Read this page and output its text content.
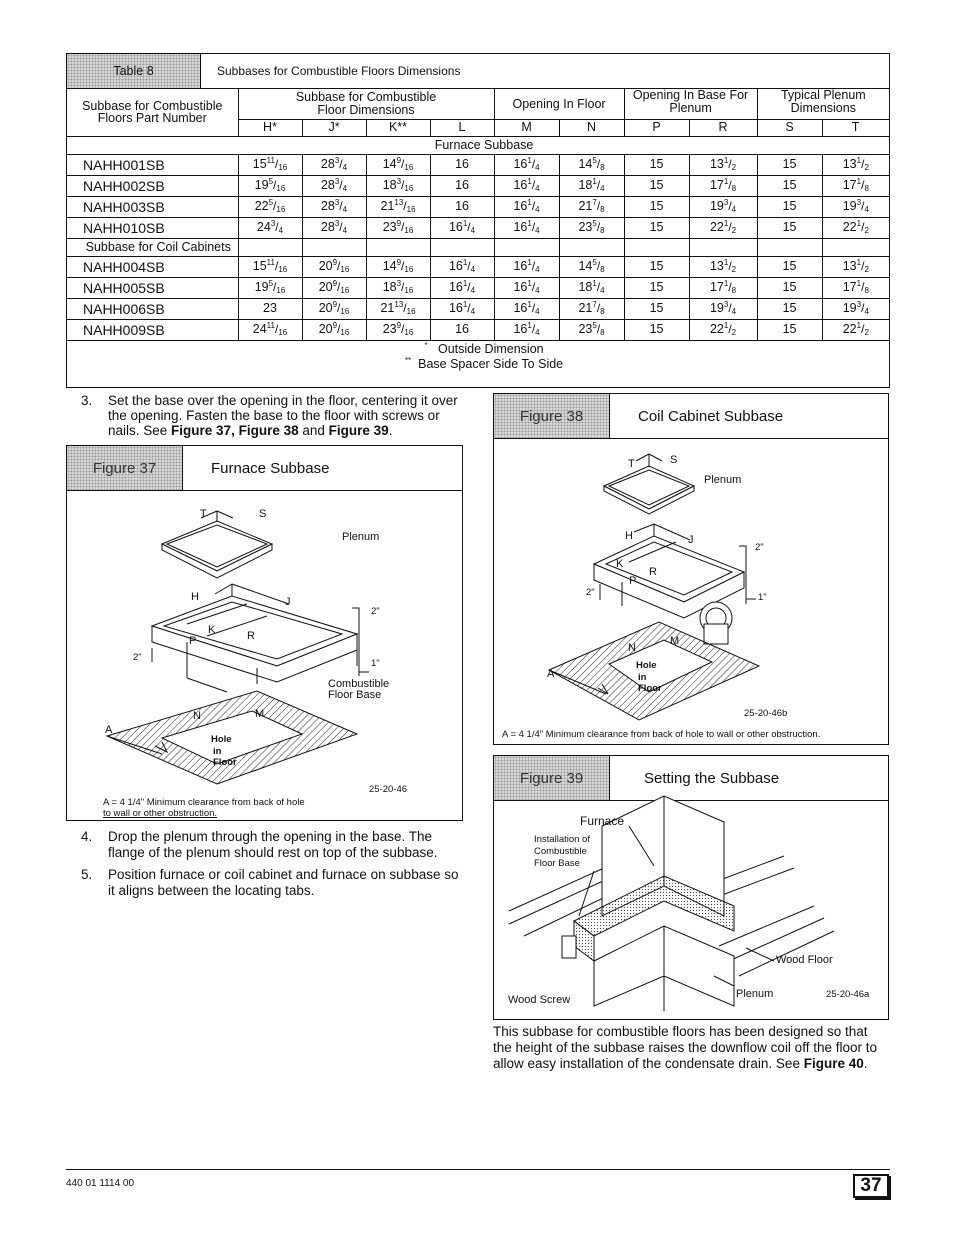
Table 8	Subbases for Combustible Floors Dimensions
Subbase for Combustible Floors Part Number	Subbase for Combustible Floor Dimensions				Opening In Floor		Opening In Base For Plenum		Typical Plenum Dimensions	
	H*	J*	K**	L	M	N	P	R	S	T
Furnace Subbase										
NAHH001SB	$15^{11}/_{16}$	$28^3/_4$	$14^9/_{16}$	16	$16^1/_4$	$14^5/_8$	15	$13^1/_2$	15	$13^1/_2$
NAHH002SB	$19^5/_{16}$	$28^3/_4$	$18^3/_{16}$	16	$16^1/_4$	$18^1/_4$	15	$17^1/_8$	15	$17^1/_8$
NAHH003SB	$22^5/_{16}$	$28^3/_4$	$21^{13}/_{16}$	16	$16^1/_4$	$21^7/_8$	15	$19^3/_4$	15	$19^3/_4$
NAHH010SB	$24^3/_4$	$28^3/_4$	$23^9/_{16}$	$16^1/_4$	$16^1/_4$	$23^5/_8$	15	$22^1/_2$	15	$22^1/_2$
Subbase for Coil Cabinets										
NAHH004SB	$15^{11}/_{16}$	$20^9/_{16}$	$14^9/_{16}$	$16^1/_4$	$16^1/_4$	$14^5/_8$	15	$13^1/_2$	15	$13^1/_2$
NAHH005SB	$19^5/_{16}$	$20^9/_{16}$	$18^3/_{16}$	$16^1/_4$	$16^1/_4$	$18^1/_4$	15	$17^1/_8$	15	$17^1/_8$
NAHH006SB	23	$20^9/_{16}$	$21^{13}/_{16}$	$16^1/_4$	$16^1/_4$	$21^7/_8$	15	$19^3/_4$	15	$19^3/_4$
NAHH009SB	$24^{11}/_{16}$	$20^9/_{16}$	$23^9/_{16}$	16	$16^1/_4$	$23^5/_8$	15	$22^1/_2$	15	$22^1/_2$
* Outside Dimension										
** Base Spacer Side To Side										
3. Set the base over the opening in the floor, centering it over
the opening. Fasten the base to the floor with screws or
nails. See Figure 37, Figure 38 and Figure 39.
Figure 37	Furnace Subbase
T	S
Plenum
H	J
K	R
P
2"
2"
1"
Combustible
Floor Base
A
N	M
Hole
in
Floor
25-20-46
A = 4 1/4" Minimum clearance from back of hole
to wall or other obstruction.
4. Drop the plenum through the opening in the base. The
flange of the plenum should rest on top of the subbase.
5. Position furnace or coil cabinet and furnace on subbase so
it aligns between the locating tabs.
Figure 38	Coil Cabinet Subbase
T	S
Plenum
H	J
K
R
P
2"
2"	1"
A
N
M
Hole
in
Floor
25-20-46b
A = 4 1/4" Minimum clearance from back of hole to wall or other obstruction.
Figure 39	Setting the Subbase
Furnace
Installation of
Combustible
Floor Base
Wood Floor
Plenum	25-20-46a
Wood Screw
This subbase for combustible floors has been designed so that
the height of the subbase raises the downflow coil off the floor to
allow easy installation of the condensate drain. See Figure 40.
440 01 1114 00	37
